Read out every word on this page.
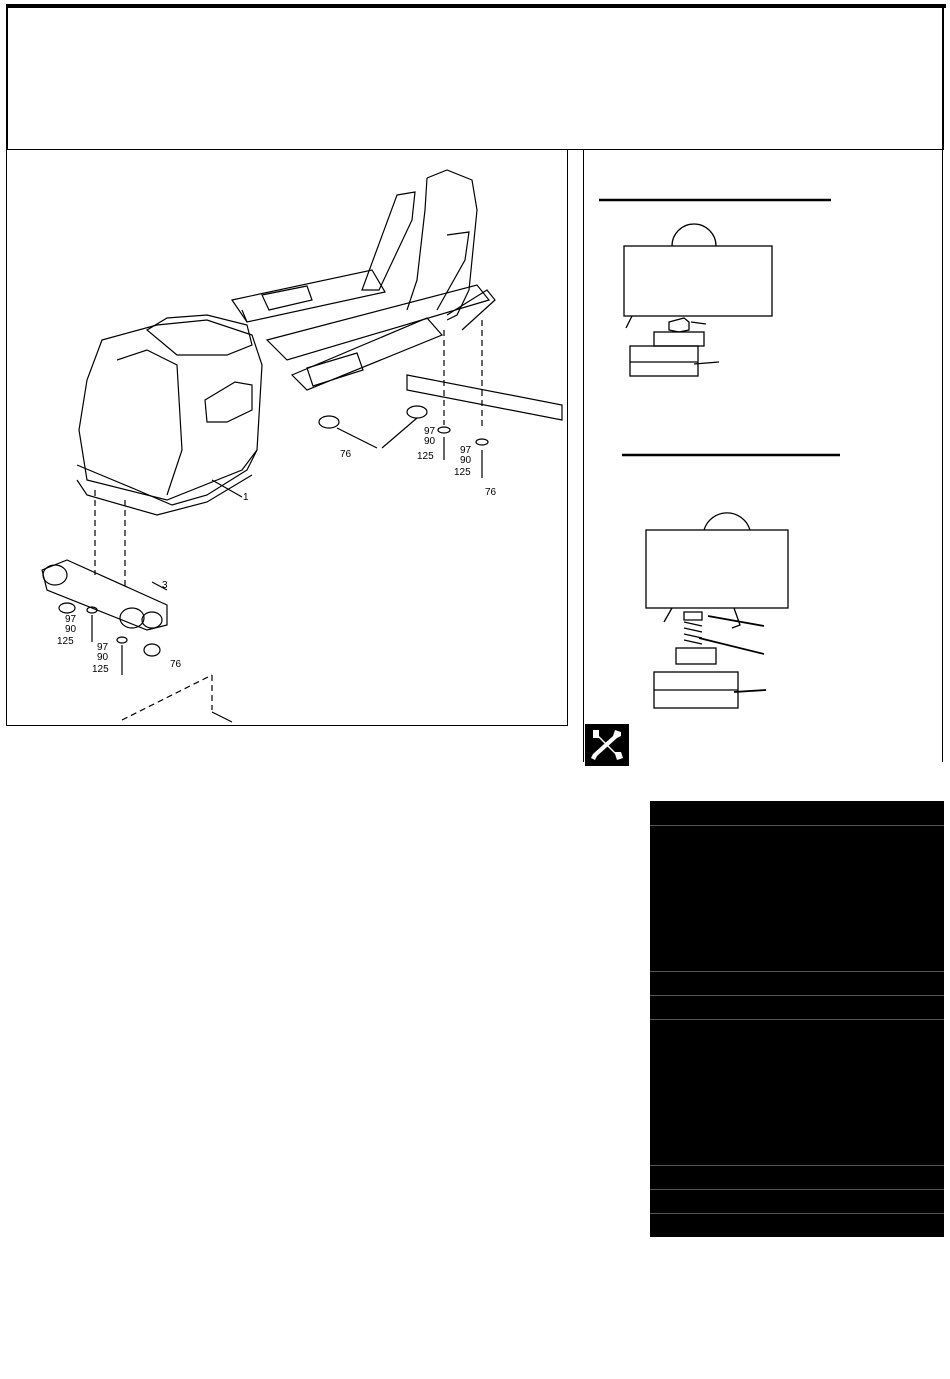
97
90
125
97
90
125
76
76
1
3
97
90
125
97
90
125	76
